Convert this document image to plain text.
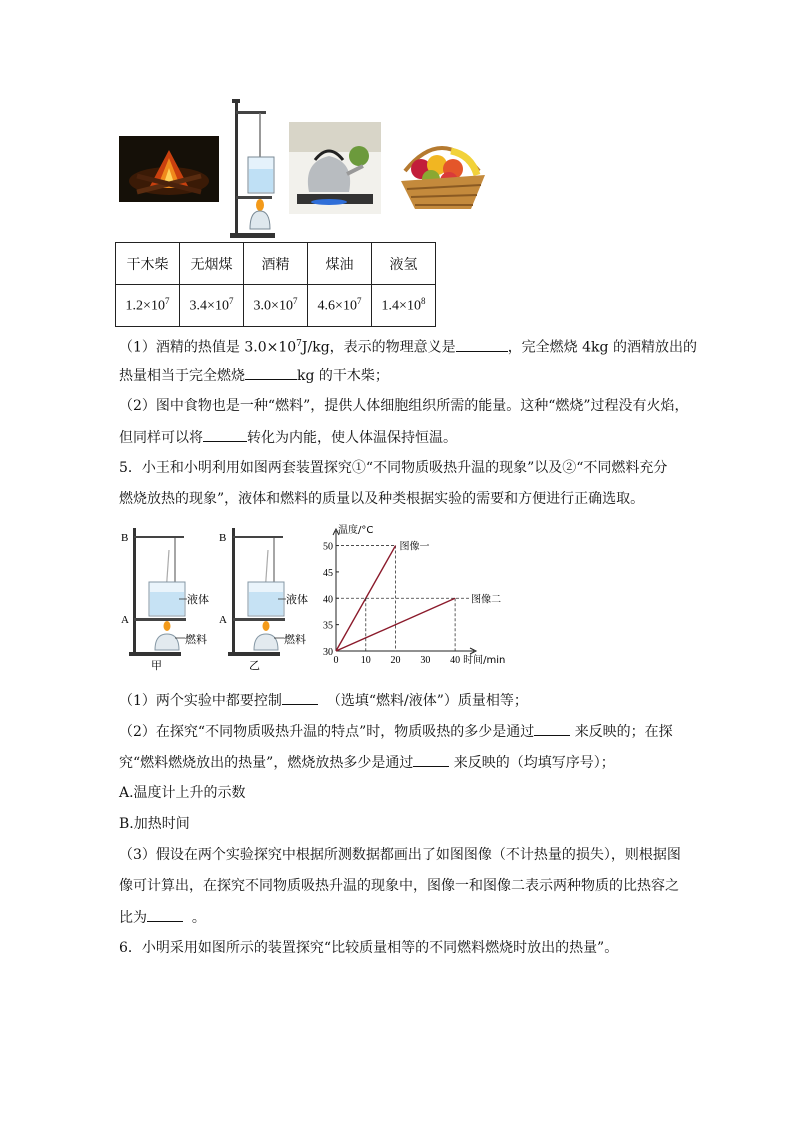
干木柴	无烟煤	酒精	煤油	液氢
$1.2\times 10^7$	$3.4\times 10^7$	$3.0\times 10^7$	$4.6\times 10^7$	$1.4\times 10^8$
（1）酒精的热值是 $3.0\times 10^7J/kg$，表示的物理意义是	，完全燃烧 4kg 的酒精放出的
热量相当于完全燃烧	kg 的干木柴；
（2）图中食物也是一种“燃料”，提供人体细胞组织所需的能量。这种“燃烧”过程没有火焰，
但同样可以将	转化为内能，使人体温保持恒温。
5．小王和小明利用如图两套装置探究①“不同物质吸热升温的现象”以及②“不同燃料充分
燃烧放热的现象”，液体和燃料的质量以及种类根据实验的需要和方便进行正确选取。
B
A
液体
燃料
B
A
液体
燃料
甲	乙
温度/°C
时间/min
30
35
40
45
50
0 10 20 30 40
图像一
图像二
（1）两个实验中都要控制	（选填“燃料/液体”）质量相等；
（2）在探究“不同物质吸热升温的特点”时，物质吸热的多少是通过	来反映的；在探
究“燃料燃烧放出的热量”，燃烧放热多少是通过	来反映的（均填写序号）；
A.温度计上升的示数
B.加热时间
（3）假设在两个实验探究中根据所测数据都画出了如图图像（不计热量的损失），则根据图
像可计算出，在探究不同物质吸热升温的现象中，图像一和图像二表示两种物质的比热容之
比为	。
6．小明采用如图所示的装置探究“比较质量相等的不同燃料燃烧时放出的热量”。
